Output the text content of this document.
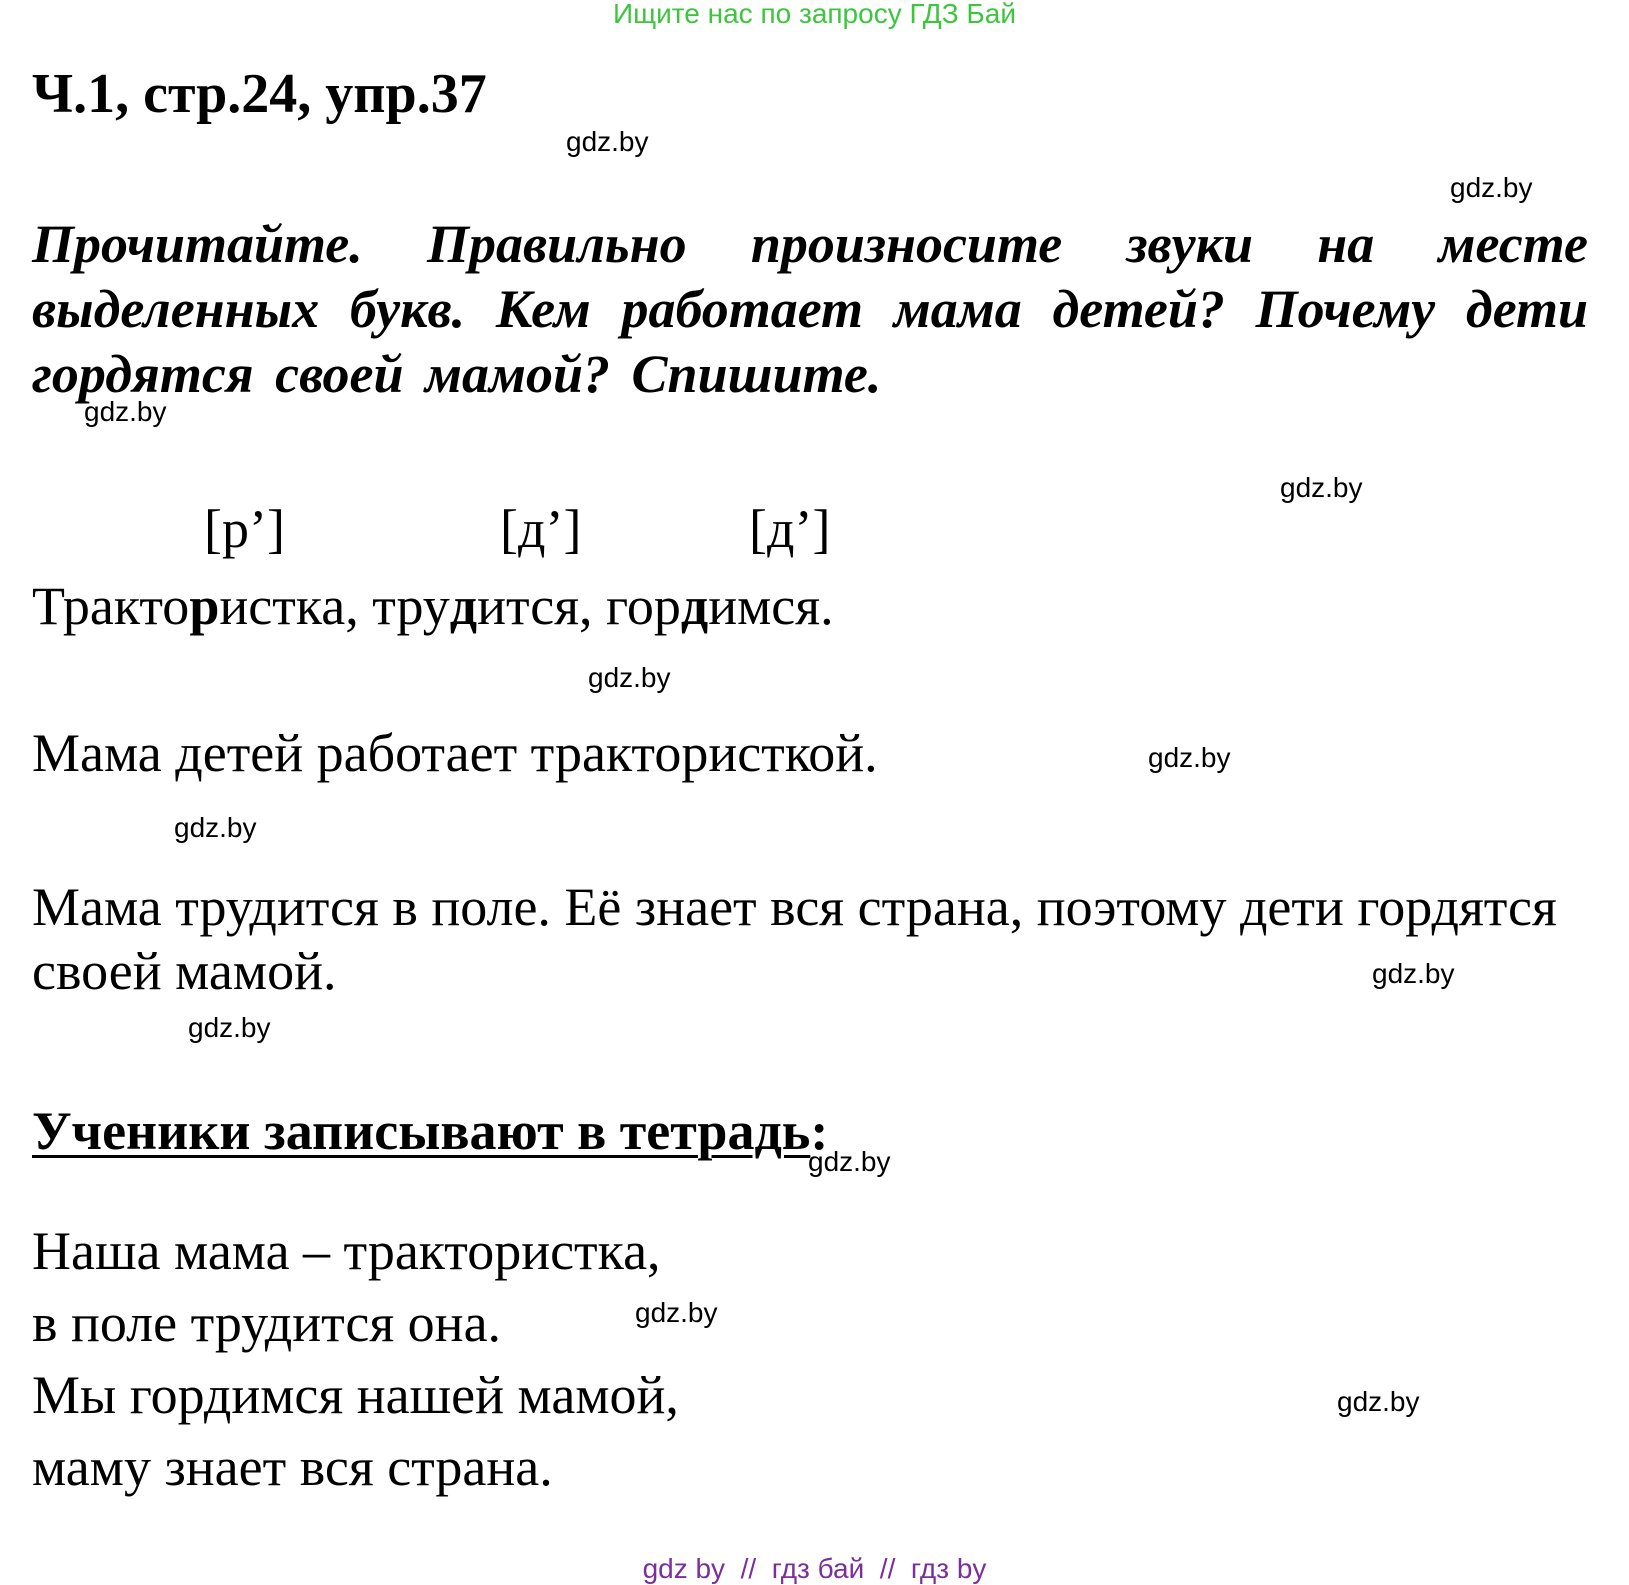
Ищите нас по запросу ГДЗ Бай
Ч.1, стр.24, упр.37
gdz.by
gdz.by
Прочитайте. Правильно произносите звуки на месте выделенных букв. Кем работает мама детей? Почему дети гордятся своей мамой? Спишите.
gdz.by
gdz.by
[р’]	[д’]	[д’]
Трактористка, трудится, гордимся.
gdz.by
Мама детей работает трактористкой.	gdz.by
gdz.by
Мама трудится в поле. Её знает вся страна, поэтому дети гордятся своей мамой.	gdz.by
gdz.by
Ученики записывают в тетрадь:
gdz.by
Наша мама – трактористка,
в поле трудится она.	gdz.by
Мы гордимся нашей мамой,	gdz.by
маму знает вся страна.
gdz by  //  гдз бай  //  гдз by
